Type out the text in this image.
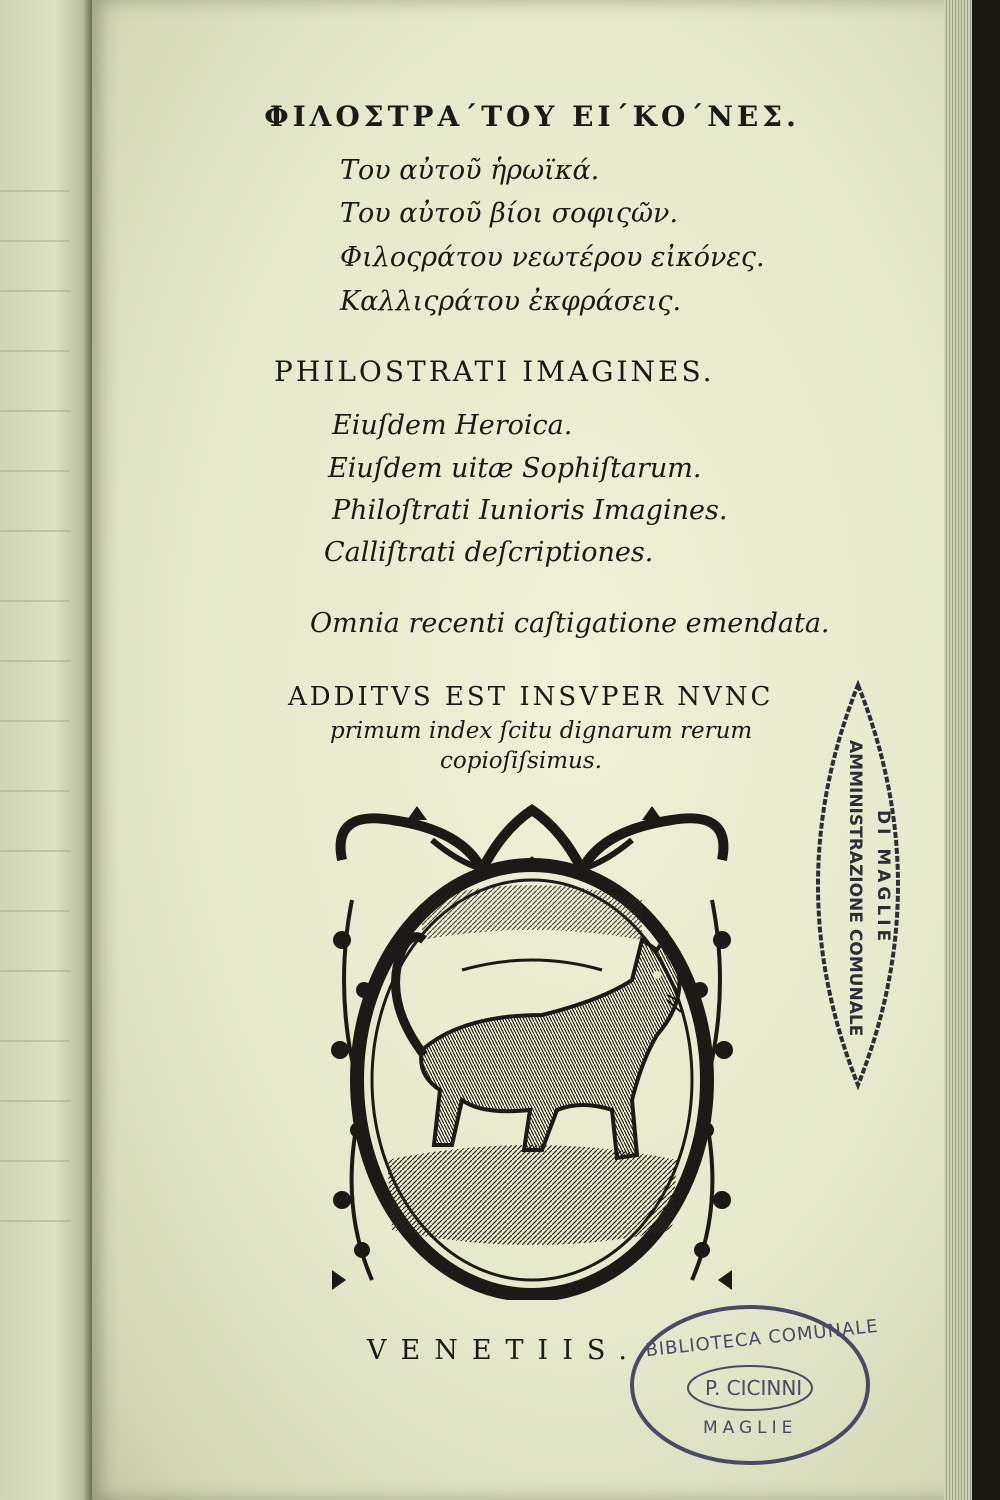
ΦΙΛΟΣΤΡΑ΄ΤΟΥ ΕΙ΄ΚΟ΄ΝΕΣ.
Του αὐτοῦ ἡρωϊκά.
Του αὐτοῦ βίοι σοφιςῶν.
Φιλοςράτου νεωτέρου εἰκόνες.
Καλλιςράτου ἐκφράσεις.
PHILOSTRATI IMAGINES.
Eiuſdem Heroica.
Eiuſdem uitæ Sophiſtarum.
Philoſtrati Iunioris Imagines.
Calliſtrati deſcriptiones.
Omnia recenti caſtigatione emendata.
ADDITVS EST INSVPER NVNC
primum index ſcitu dignarum rerum
copioſiſsimus.
VENETIIS.
AMMINISTRAZIONE COMUNALE DI MAGLIE
BIBLIOTECA COMUNALE
P. CICINNI
MAGLIE
